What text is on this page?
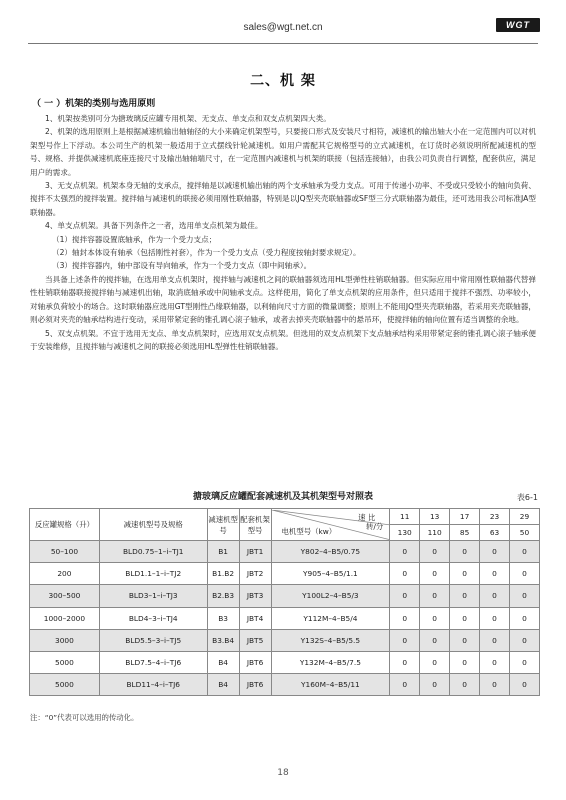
sales@wgt.net.cn	WGT
二、机 架
（ 一 ）机架的类别与选用原则

1、机架按类别可分为搪玻璃反应罐专用机架、无支点、单支点和双支点机架四大类。

2、机架的选用原则上是根据减速机输出轴轴径的大小来确定机架型号，只要接口形式及安装尺寸相符，减速机的输出轴大小在一定范围内可以对机架型号作上下浮动。本公司生产的机架一般适用于立式摆线针轮减速机。如用户需配其它规格型号的立式减速机，在订货时必须说明所配减速机的型号、规格、并提供减速机底座连接尺寸及输出轴轴端尺寸，在一定范围内减速机与机架的联接（包括连接轴），由我公司负责自行调整，配套供应，满足用户的需求。

3、无支点机架。机架本身无轴的支承点，搅拌轴是以减速机输出轴的两个支承轴承为受力支点。可用于传递小功率、不受或只受较小的轴向负荷、搅拌不太强烈的搅拌装置。搅拌轴与减速机的联接必须用刚性联轴器，特别是以JQ型夹壳联轴器或SF型三分式联轴器为最佳，还可选用我公司标准JA型联轴器。

4、单支点机架。具备下列条件之一者，选用单支点机架为最佳。

（1）搅拌容器设置底轴承，作为一个受力支点；

（2）轴封本体设有轴承（包括刚性衬套），作为一个受力支点（受力程度按轴封要求规定）。

（3）搅拌容器内，轴中部设有导向轴承，作为一个受力支点（即中间轴承）。

当具备上述条件的搅拌轴，在选用单支点机架时，搅拌轴与减速机之间的联轴器须选用HL型弹性柱销联轴器。但实际应用中常用刚性联轴器代替弹性柱销联轴器联接搅拌轴与减速机出轴，取消底轴承或中间轴承支点。这样使用，简化了单支点机架的应用条件，但只适用于搅拌不强烈、功率较小，对轴承负荷较小的场合。这时联轴器应选用GT型刚性凸缘联轴器，以利轴向尺寸方面的微量调整；原则上不能用JQ型夹壳联轴器，若采用夹壳联轴器，则必须对夹壳的轴承结构进行变动，采用带紧定套的锥孔调心滚子轴承，或者去掉夹壳联轴器中的悬吊环，使搅拌轴的轴向位置有适当调整的余地。

5、双支点机架。不宜于选用无支点、单支点机架时，应选用双支点机架。但选用的双支点机架下支点轴承结构采用带紧定套的锥孔调心滚子轴承便于安装维修，且搅拌轴与减速机之间的联接必须选用HL型弹性柱销联轴器。

搪玻璃反应罐配套减速机及其机架型号对照表	表6-1
反应罐规格（升）	减速机型号及规格	减速机型号	配套机架型号	速 比
转/分
电机型号（kw）	11	13	17	23	29
					130	110	85	63	50
50–100	BLD0.75–1–i–TJ1	B1	JBT1	Y802–4–B5/0.75	0	0	0	0	0
200	BLD1.1–1–i–TJ2	B1.B2	JBT2	Y905–4–B5/1.1	0	0	0	0	0
300–500	BLD3–1–i–TJ3	B2.B3	JBT3	Y100L2–4–B5/3	0	0	0	0	0
1000–2000	BLD4–3–i–TJ4	B3	JBT4	Y112M–4–B5/4	0	0	0	0	0
3000	BLD5.5–3–i–TJ5	B3.B4	JBT5	Y132S–4–B5/5.5	0	0	0	0	0
5000	BLD7.5–4–i–TJ6	B4	JBT6	Y132M–4–B5/7.5	0	0	0	0	0
5000	BLD11–4–i–TJ6	B4	JBT6	Y160M–4–B5/11	0	0	0	0	0
注：“0”代表可以选用的传动化。
18
